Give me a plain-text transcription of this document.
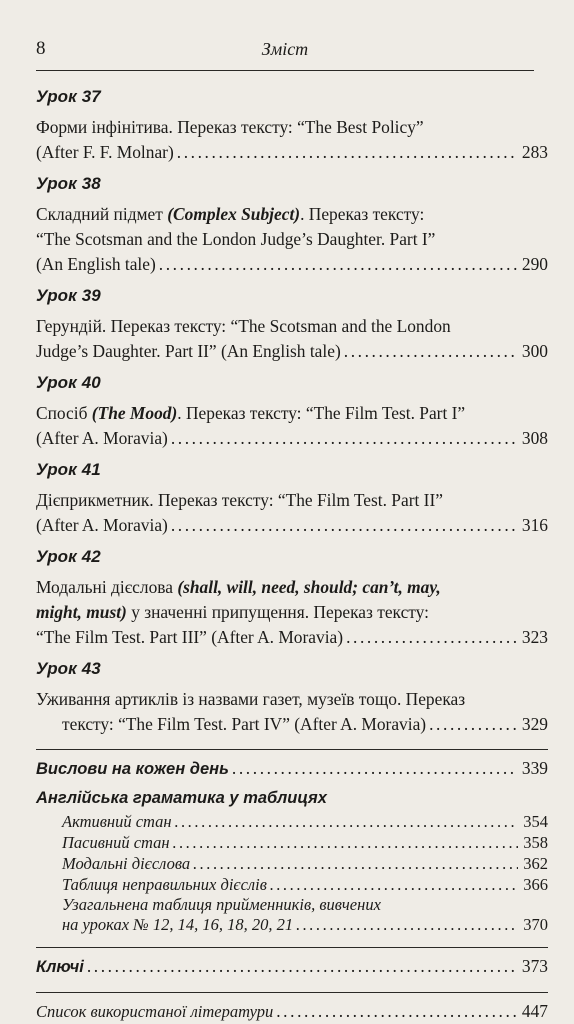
8	Зміст
Урок 37
Форми інфінітива. Переказ тексту: “The Best Policy”
(After F. F. Molnar) .....	283
Урок 38
Складний підмет (Complex Subject). Переказ тексту:
“The Scotsman and the London Judge’s Daughter. Part I”
(An English tale) .....	290
Урок 39
Герундій. Переказ тексту: “The Scotsman and the London
Judge’s Daughter. Part II” (An English tale) .....	300
Урок 40
Спосіб (The Mood). Переказ тексту: “The Film Test. Part I”
(After A. Moravia) .....	308
Урок 41
Дієприкметник. Переказ тексту: “The Film Test. Part II”
(After A. Moravia) .....	316
Урок 42
Модальні дієслова (shall, will, need, should; can’t, may,
might, must) у значенні припущення. Переказ тексту:
“The Film Test. Part III” (After A. Moravia) .....	323
Урок 43
Уживання артиклів із назвами газет, музеїв тощо. Переказ
тексту: “The Film Test. Part IV” (After A. Moravia) .....	329
Вислови на кожен день .....	339
Англійська граматика у таблицях
Активний стан .....	354
Пасивний стан .....	358
Модальні дієслова .....	362
Таблиця неправильних дієслів .....	366
Узагальнена таблиця прийменників, вивчених
на уроках № 12, 14, 16, 18, 20, 21 .....	370
Ключі .....	373
Список використаної літератури .....	447
